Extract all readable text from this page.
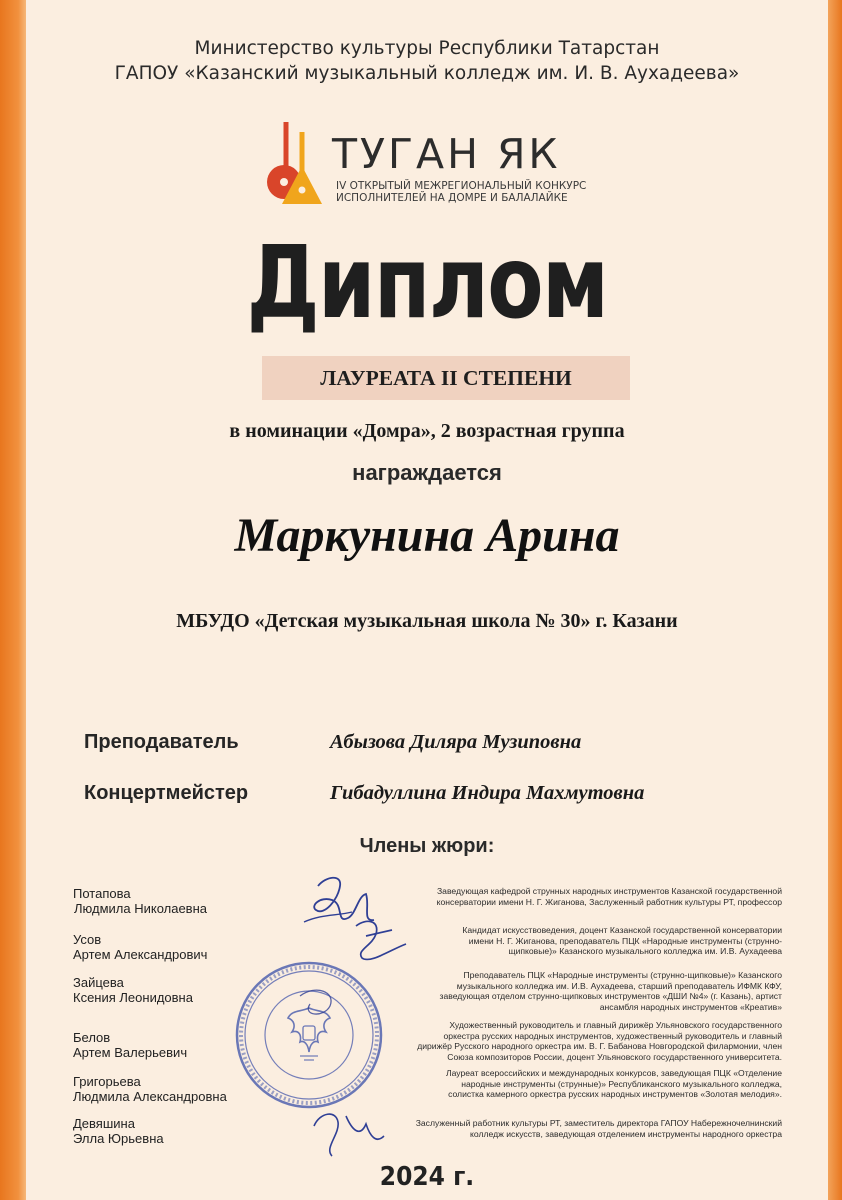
Министерство культуры Республики Татарстан
ГАПОУ «Казанский музыкальный колледж им. И. В. Аухадеева»
ТУГАН ЯК
IV ОТКРЫТЫЙ МЕЖРЕГИОНАЛЬНЫЙ КОНКУРС
ИСПОЛНИТЕЛЕЙ НА ДОМРЕ И БАЛАЛАЙКЕ
Диплом
ЛАУРЕАТА II СТЕПЕНИ
в номинации «Домра», 2 возрастная группа
награждается
Маркунина Арина
МБУДО «Детская музыкальная школа № 30» г. Казани
Преподаватель	Абызова Диляра Музиповна
Концертмейстер	Гибадуллина Индира Махмутовна
Члены жюри:
Потапова
Людмила Николаевна
Усов
Артем Александрович
Зайцева
Ксения Леонидовна
Белов
Артем Валерьевич
Григорьева
Людмила Александровна
Девяшина
Элла Юрьевна
Заведующая кафедрой струнных народных инструментов Казанской государственной
консерватории имени Н. Г. Жиганова, Заслуженный работник культуры РТ, профессор
Кандидат искусствоведения, доцент Казанской государственной консерватории
имени Н. Г. Жиганова, преподаватель ПЦК «Народные инструменты (струнно-
щипковые)» Казанского музыкального колледжа им. И.В. Аухадеева
Преподаватель ПЦК «Народные инструменты (струнно-щипковые)» Казанского
музыкального колледжа им. И.В. Аухадеева, старший преподаватель ИФМК КФУ,
заведующая отделом струнно-щипковых инструментов «ДШИ №4» (г. Казань), артист
ансамбля народных инструментов «Креатив»
Художественный руководитель и главный дирижёр Ульяновского государственного
оркестра русских народных инструментов, художественный руководитель и главный
дирижёр Русского народного оркестра им. В. Г. Бабанова Новгородской филармонии, член
Союза композиторов России, доцент Ульяновского государственного университета.
Лауреат всероссийских и международных конкурсов, заведующая ПЦК «Отделение
народные инструменты (струнные)» Республиканского музыкального колледжа,
солистка камерного оркестра русских народных инструментов «Золотая мелодия».
Заслуженный работник культуры РТ, заместитель директора ГАПОУ Набережночелнинский
колледж искусств, заведующая отделением инструменты народного оркестра
2024 г.
